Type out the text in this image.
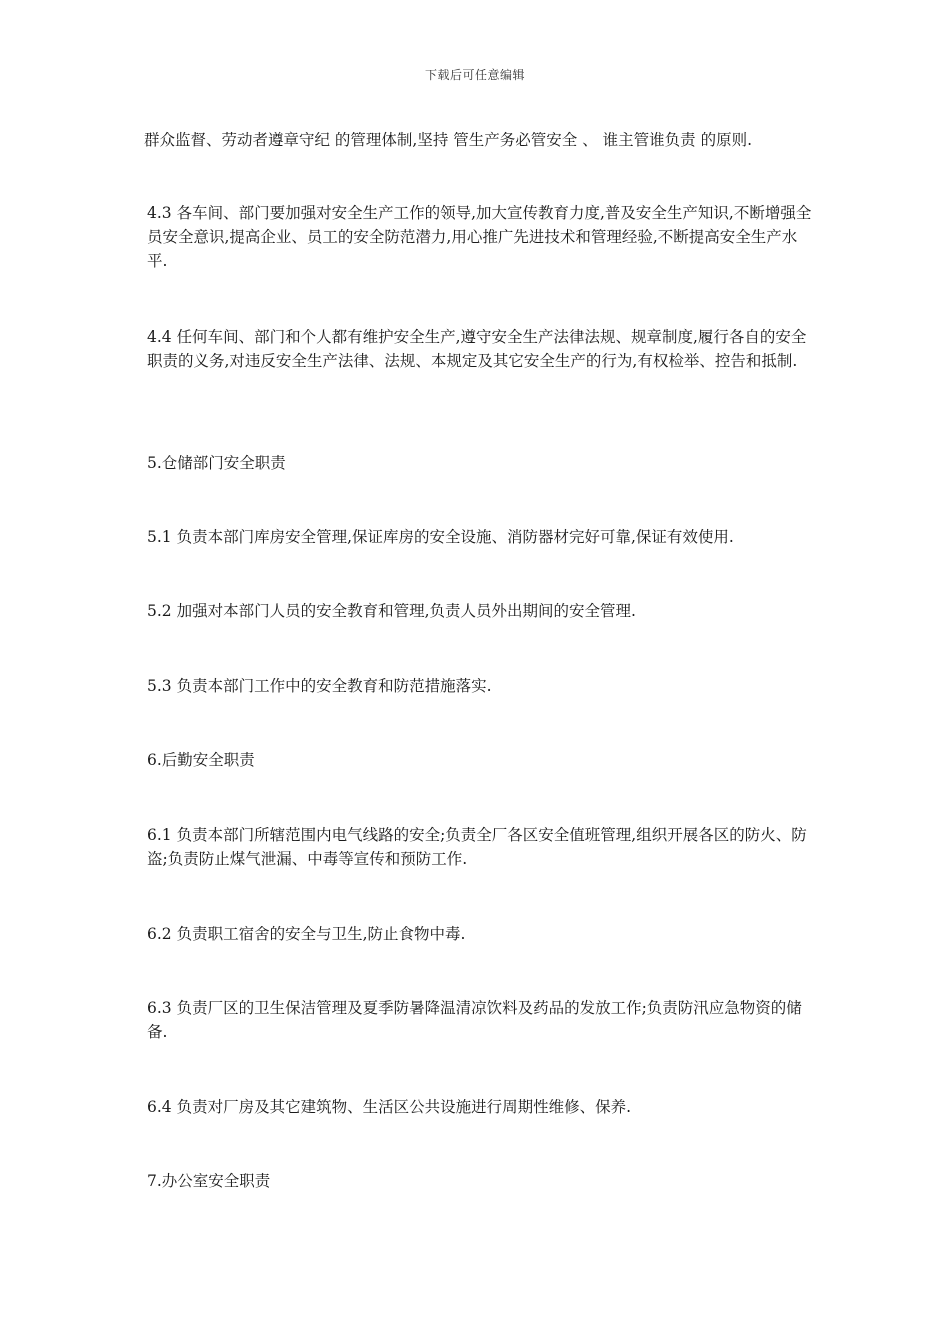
下载后可任意编辑

群众监督、劳动者遵章守纪 的管理体制,坚持 管生产务必管安全 、 谁主管谁负责 的原则.

4.3 各车间、部门要加强对安全生产工作的领导,加大宣传教育力度,普及安全生产知识,不断增强全员安全意识,提高企业、员工的安全防范潜力,用心推广先进技术和管理经验,不断提高安全生产水平.

4.4 任何车间、部门和个人都有维护安全生产,遵守安全生产法律法规、规章制度,履行各自的安全职责的义务,对违反安全生产法律、法规、本规定及其它安全生产的行为,有权检举、控告和抵制.

5.仓储部门安全职责

5.1 负责本部门库房安全管理,保证库房的安全设施、消防器材完好可靠,保证有效使用.

5.2 加强对本部门人员的安全教育和管理,负责人员外出期间的安全管理.

5.3 负责本部门工作中的安全教育和防范措施落实.

6.后勤安全职责

6.1 负责本部门所辖范围内电气线路的安全;负责全厂各区安全值班管理,组织开展各区的防火、防盗;负责防止煤气泄漏、中毒等宣传和预防工作.

6.2 负责职工宿舍的安全与卫生,防止食物中毒.

6.3 负责厂区的卫生保洁管理及夏季防暑降温清凉饮料及药品的发放工作;负责防汛应急物资的储备.

6.4 负责对厂房及其它建筑物、生活区公共设施进行周期性维修、保养.

7.办公室安全职责
